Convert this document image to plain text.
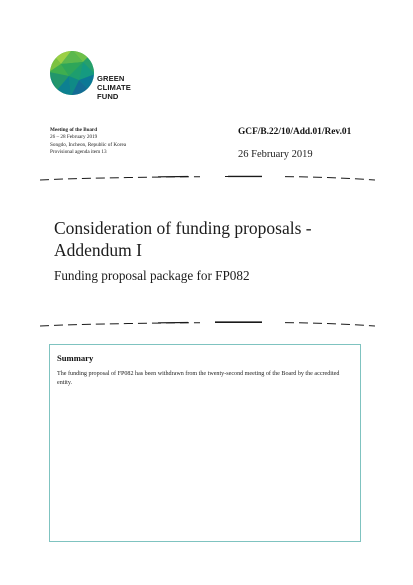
GREEN
CLIMATE
FUND
Meeting of the Board
26 – 28 February 2019
Songdo, Incheon, Republic of Korea
Provisional agenda item 13
GCF/B.22/10/Add.01/Rev.01
26 February 2019
Consideration of funding proposals - Addendum I
Funding proposal package for FP082
Summary
The funding proposal of FP082 has been withdrawn from the twenty-second meeting of the Board by the accredited entity.
